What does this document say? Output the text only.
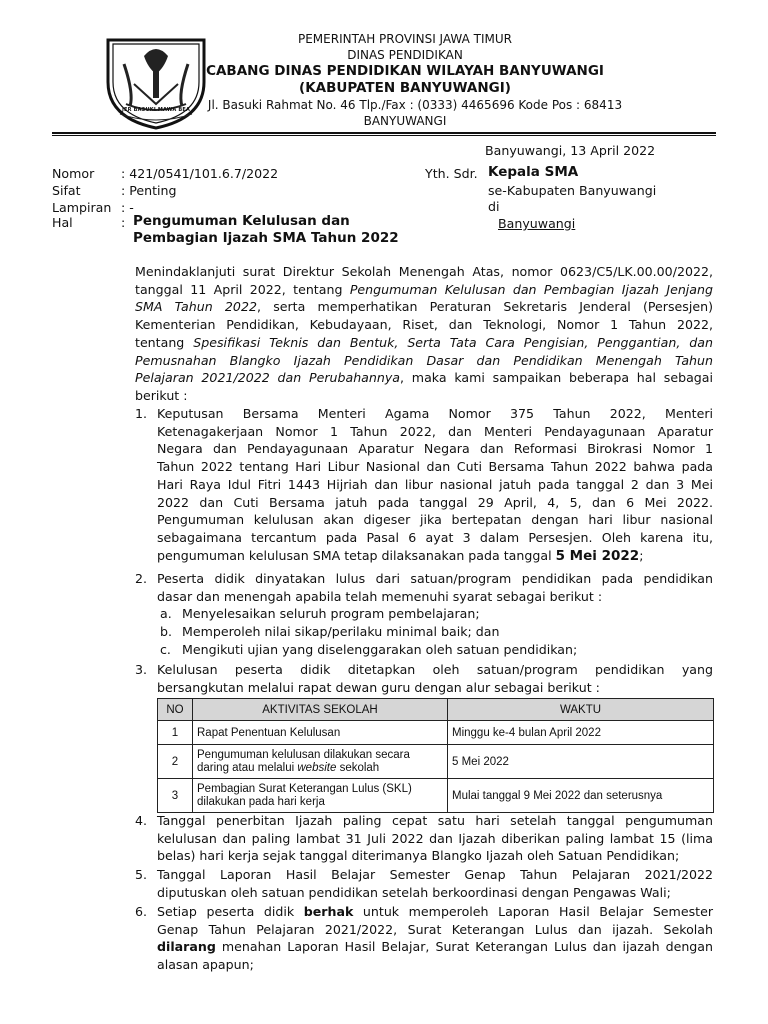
JER BASUKI MAWA BEA
PEMERINTAH PROVINSI JAWA TIMUR
DINAS PENDIDIKAN
CABANG DINAS PENDIDIKAN WILAYAH BANYUWANGI
(KABUPATEN BANYUWANGI)
Jl. Basuki Rahmat No. 46 Tlp./Fax : (0333) 4465696 Kode Pos : 68413
BANYUWANGI
Banyuwangi, 13 April 2022
Nomor : 421/0541/101.6.7/2022
Sifat	: Penting
Lampiran : -
Hal	: Pengumuman Kelulusan dan
Pembagian Ijazah SMA Tahun 2022
Yth. Sdr. Kepala SMA
se-Kabupaten Banyuwangi
di
Banyuwangi
Menindaklanjuti surat Direktur Sekolah Menengah Atas, nomor 0623/C5/LK.00.00/2022,
tanggal 11 April 2022, tentang Pengumuman Kelulusan dan Pembagian Ijazah Jenjang
SMA Tahun 2022, serta memperhatikan Peraturan Sekretaris Jenderal (Persesjen)
Kementerian Pendidikan, Kebudayaan, Riset, dan Teknologi, Nomor 1 Tahun 2022,
tentang Spesifikasi Teknis dan Bentuk, Serta Tata Cara Pengisian, Penggantian, dan
Pemusnahan Blangko Ijazah Pendidikan Dasar dan Pendidikan Menengah Tahun
Pelajaran 2021/2022 dan Perubahannya, maka kami sampaikan beberapa hal sebagai
berikut :
1. Keputusan Bersama Menteri Agama Nomor 375 Tahun 2022, Menteri
Ketenagakerjaan Nomor 1 Tahun 2022, dan Menteri Pendayagunaan Aparatur
Negara dan Pendayagunaan Aparatur Negara dan Reformasi Birokrasi Nomor 1
Tahun 2022 tentang Hari Libur Nasional dan Cuti Bersama Tahun 2022 bahwa pada
Hari Raya Idul Fitri 1443 Hijriah dan libur nasional jatuh pada tanggal 2 dan 3 Mei
2022 dan Cuti Bersama jatuh pada tanggal 29 April, 4, 5, dan 6 Mei 2022.
Pengumuman kelulusan akan digeser jika bertepatan dengan hari libur nasional
sebagaimana tercantum pada Pasal 6 ayat 3 dalam Persesjen. Oleh karena itu,
pengumuman kelulusan SMA tetap dilaksanakan pada tanggal 5 Mei 2022;
2. Peserta didik dinyatakan lulus dari satuan/program pendidikan pada pendidikan
dasar dan menengah apabila telah memenuhi syarat sebagai berikut :
a. Menyelesaikan seluruh program pembelajaran;
b. Memperoleh nilai sikap/perilaku minimal baik; dan
c. Mengikuti ujian yang diselenggarakan oleh satuan pendidikan;
3. Kelulusan peserta didik ditetapkan oleh satuan/program pendidikan yang
bersangkutan melalui rapat dewan guru dengan alur sebagai berikut :
NO	AKTIVITAS SEKOLAH	WAKTU
1	Rapat Penentuan Kelulusan	Minggu ke-4 bulan April 2022
2	Pengumuman kelulusan dilakukan secara
daring atau melalui website sekolah	5 Mei 2022
3	Pembagian Surat Keterangan Lulus (SKL)
dilakukan pada hari kerja	Mulai tanggal 9 Mei 2022 dan seterusnya
4. Tanggal penerbitan Ijazah paling cepat satu hari setelah tanggal pengumuman
kelulusan dan paling lambat 31 Juli 2022 dan Ijazah diberikan paling lambat 15 (lima
belas) hari kerja sejak tanggal diterimanya Blangko Ijazah oleh Satuan Pendidikan;
5. Tanggal Laporan Hasil Belajar Semester Genap Tahun Pelajaran 2021/2022
diputuskan oleh satuan pendidikan setelah berkoordinasi dengan Pengawas Wali;
6. Setiap peserta didik berhak untuk memperoleh Laporan Hasil Belajar Semester
Genap Tahun Pelajaran 2021/2022, Surat Keterangan Lulus dan ijazah. Sekolah
dilarang menahan Laporan Hasil Belajar, Surat Keterangan Lulus dan ijazah dengan
alasan apapun;
